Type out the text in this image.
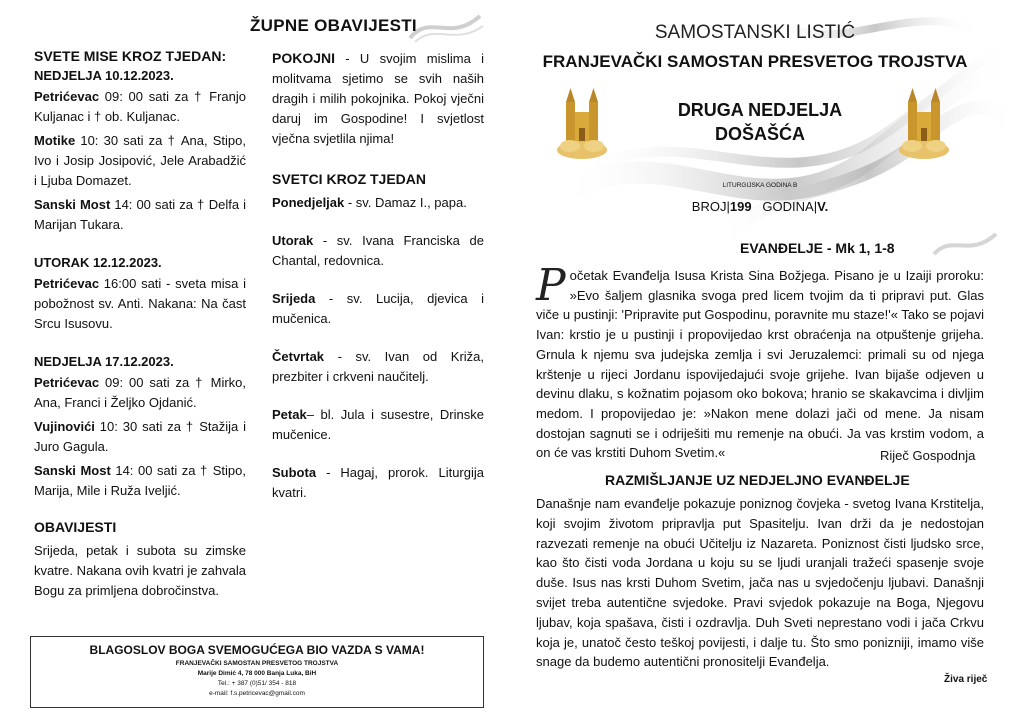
ŽUPNE OBAVIJESTI
SVETE MISE KROZ TJEDAN:
NEDJELJA 10.12.2023.

Petrićevac 09: 00 sati za † Franjo Kuljanac i † ob. Kuljanac.

Motike 10: 30 sati za † Ana, Stipo, Ivo i Josip Josipović, Jele Arabadžić i Ljuba Domazet.

Sanski Most 14: 00 sati za † Delfa i Marijan Tukara.

UTORAK 12.12.2023.

Petrićevac 16:00 sati - sveta misa i pobožnost sv. Anti. Nakana: Na čast Srcu Isusovu.

NEDJELJA 17.12.2023.

Petrićevac 09: 00 sati za † Mirko, Ana, Franci i Željko Ojdanić.

Vujinovići 10: 30 sati za † Stažija i Juro Gagula.

Sanski Most 14: 00 sati za † Stipo, Marija, Mile i Ruža Iveljić.

OBAVIJESTI

Srijeda, petak i subota su zimske kvatre. Nakana ovih kvatri je zahvala Bogu za primljena dobročinstva.

POKOJNI - U svojim mislima i molitvama sjetimo se svih naših dragih i milih pokojnika. Pokoj vječni daruj im Gospodine! I svjetlost vječna svjetlila njima!

SVETCI KROZ TJEDAN

Ponedjeljak - sv. Damaz I., papa.

Utorak - sv. Ivana Franciska de Chantal, redovnica.

Srijeda - sv. Lucija, djevica i mučenica.

Četvrtak - sv. Ivan od Križa, prezbiter i crkveni naučitelj.

Petak– bl. Jula i susestre, Drinske mučenice.

Subota - Hagaj, prorok. Liturgija kvatri.

BLAGOSLOV BOGA SVEMOGUĆEGA BIO VAZDA S VAMA!
FRANJEVAČKI SAMOSTAN PRESVETOG TROJSTVA
Marije Dimić 4, 78 000 Banja Luka, BiH
Tel.: + 387 (0)51/ 354 - 818
e-mail: f.s.petricevac@gmail.com
SAMOSTANSKI LISTIĆ
FRANJEVAČKI SAMOSTAN PRESVETOG TROJSTVA
DRUGA NEDJELJA DOŠAŠĆA
LITURGIJSKA GODINA B
BROJ|199 GODINA|V.
EVANĐELJE - Mk 1, 1-8
Početak Evanđelja Isusa Krista Sina Božjega. Pisano je u Izaiji proroku: »Evo šaljem glasnika svoga pred licem tvojim da ti pripravi put. Glas viče u pustinji: 'Pripravite put Gospodinu, poravnite mu staze!'« Tako se pojavi Ivan: krstio je u pustinji i propovijedao krst obraćenja na otpuštenje grijeha. Grnula k njemu sva judejska zemlja i svi Jeruzalemci: primali su od njega krštenje u rijeci Jordanu ispovijedajući svoje grijehe. Ivan bijaše odjeven u devinu dlaku, s kožnatim pojasom oko bokova; hranio se skakavcima i divljim medom. I propovijedao je: »Nakon mene dolazi jači od mene. Ja nisam dostojan sagnuti se i odriješiti mu remenje na obući. Ja vas krstim vodom, a on će vas krstiti Duhom Svetim.«	Riječ Gospodnja
RAZMIŠLJANJE UZ NEDJELJNO EVANĐELJE
Današnje nam evanđelje pokazuje poniznog čovjeka - svetog Ivana Krstitelja, koji svojim životom pripravlja put Spasitelju. Ivan drži da je nedostojan razvezati remenje na obući Učitelju iz Nazareta. Poniznost čisti ljudsko srce, kao što čisti voda Jordana u koju su se ljudi uranjali tražeći spasenje svoje duše. Isus nas krsti Duhom Svetim, jača nas u svjedočenju ljubavi. Današnji svijet treba autentične svjedoke. Pravi svjedok pokazuje na Boga, Njegovu ljubav, koja spašava, čisti i ozdravlja. Duh Sveti neprestano vodi i jača Crkvu koja je, unatoč često teškoj povijesti, i dalje tu. Što smo ponizniji, imamo više snage da budemo autentični pronositelji Evanđelja.
Živa riječ
